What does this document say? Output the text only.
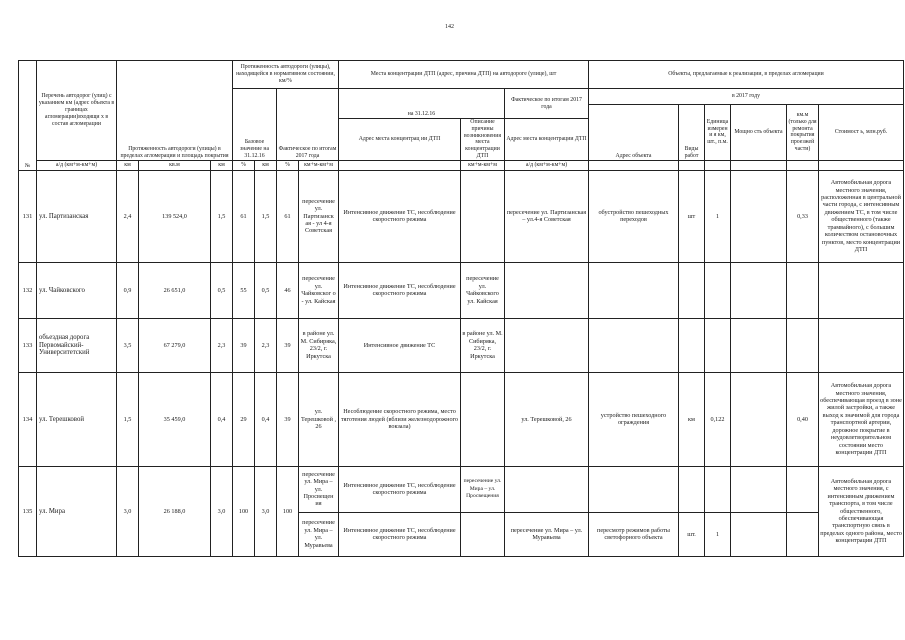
142
№	Перечень автодорог (улиц) с указанием км (адрес объекта в границах агломерации)входящи х в состав агломерации	Протяженность автодороги (улицы) в пределах агломерации и площадь покрытия			Протяженность автодороги (улицы), находящейся в нормативном состоянии, км/%				Места концентрации ДТП (адрес, причина ДТП) на автодороге (улице), шт			Объекты, предлагаемые к реализации, в пределах агломерации	
					Базовое значение на 31.12.16		Фактическое по итогам 2017 года		на 31.12.16		Фактическое по итогам 2017 года	в 2017 году						
												Адрес объекта	Виды работ	Единица измерени я км, шт., п.м.	Мощно сть объекта	км.м (только для ремонта покрытия проезжей части)	Стоимост ь, млн.руб.	
									Адрес места концентрац ии ДТП	Описание причины возникновения места концентрации ДТП	Адрес места концентрации ДТП							
	а/д (км+м-км+м)	км	кв.м	км	%	км	%	км+м-км+м		км+м-км+м	а/д (км+м-км+м)							
131	ул. Партизанская	2,4	139 524,0	1,5	61	1,5	61	пересечение ул. Партизанск ая - ул 4-я Советская	Интенсивное движение ТС, несоблюдение скоростного режима		пересечение ул. Партизанская – ул.4-я Советская	обустройство пешеходных переходов	шт	1		0,33	Автомобильная дорога местного значения, расположенная в центральной части города, с интенсивным движением ТС, в том числе общественного (также трамвайного), с большим количеством остановочных пунктов, место концентрации ДТП	
132	ул. Чайковского	0,9	26 651,0	0,5	55	0,5	46	пересечение ул. Чайковског о - ул. Кайская	Интенсивное движение ТС, несоблюдение скоростного режима	пересечение ул. Чайковского ул. Кайская								
133	объездная дорога Первомайский-Университетский	3,5	67 279,0	2,3	39	2,3	39	в районе ул. М. Сибиряка, 23/2, г. Иркутска	Интенсивное движение ТС	в районе ул. М. Сибиряка, 23/2, г. Иркутска								
134	ул. Терешковой	1,5	35 459,0	0,4	29	0,4	39	ул. Терешковой , 26	Несоблюдение скоростного режима, место тяготения людей (вблизи железнодорожного вокзала)		ул. Терешковой, 26	устройство пешеходного ограждения	км	0,122		0,40	Автомобильная дорога местного значения, обеспечивающая проезд в зоне жилой застройки, а также выход к значимой для города транспортной артерии, дорожное покрытие в неудовлетворительном состоянии место концентрации ДТП	
135	ул. Мира	3,0	26 188,0	3,0	100	3,0	100	пересечение ул. Мира – ул. Просвещен ия	Интенсивное движение ТС, несоблюдение скоростного режима	пересечение ул. Мира – ул. Просвещения							Автомобильная дорога местного значения, с интенсивным движением транспорта, в том числе общественного, обеспечивающая транспортную связь в пределах одного района, место концентрации ДТП	
								пересечение ул. Мира – ул. Муравьева	Интенсивное движение ТС, несоблюдение скоростного режима		пересечение ул. Мира – ул. Муравьева	пересмотр режимов работы светофорного объекта	шт.	1				
